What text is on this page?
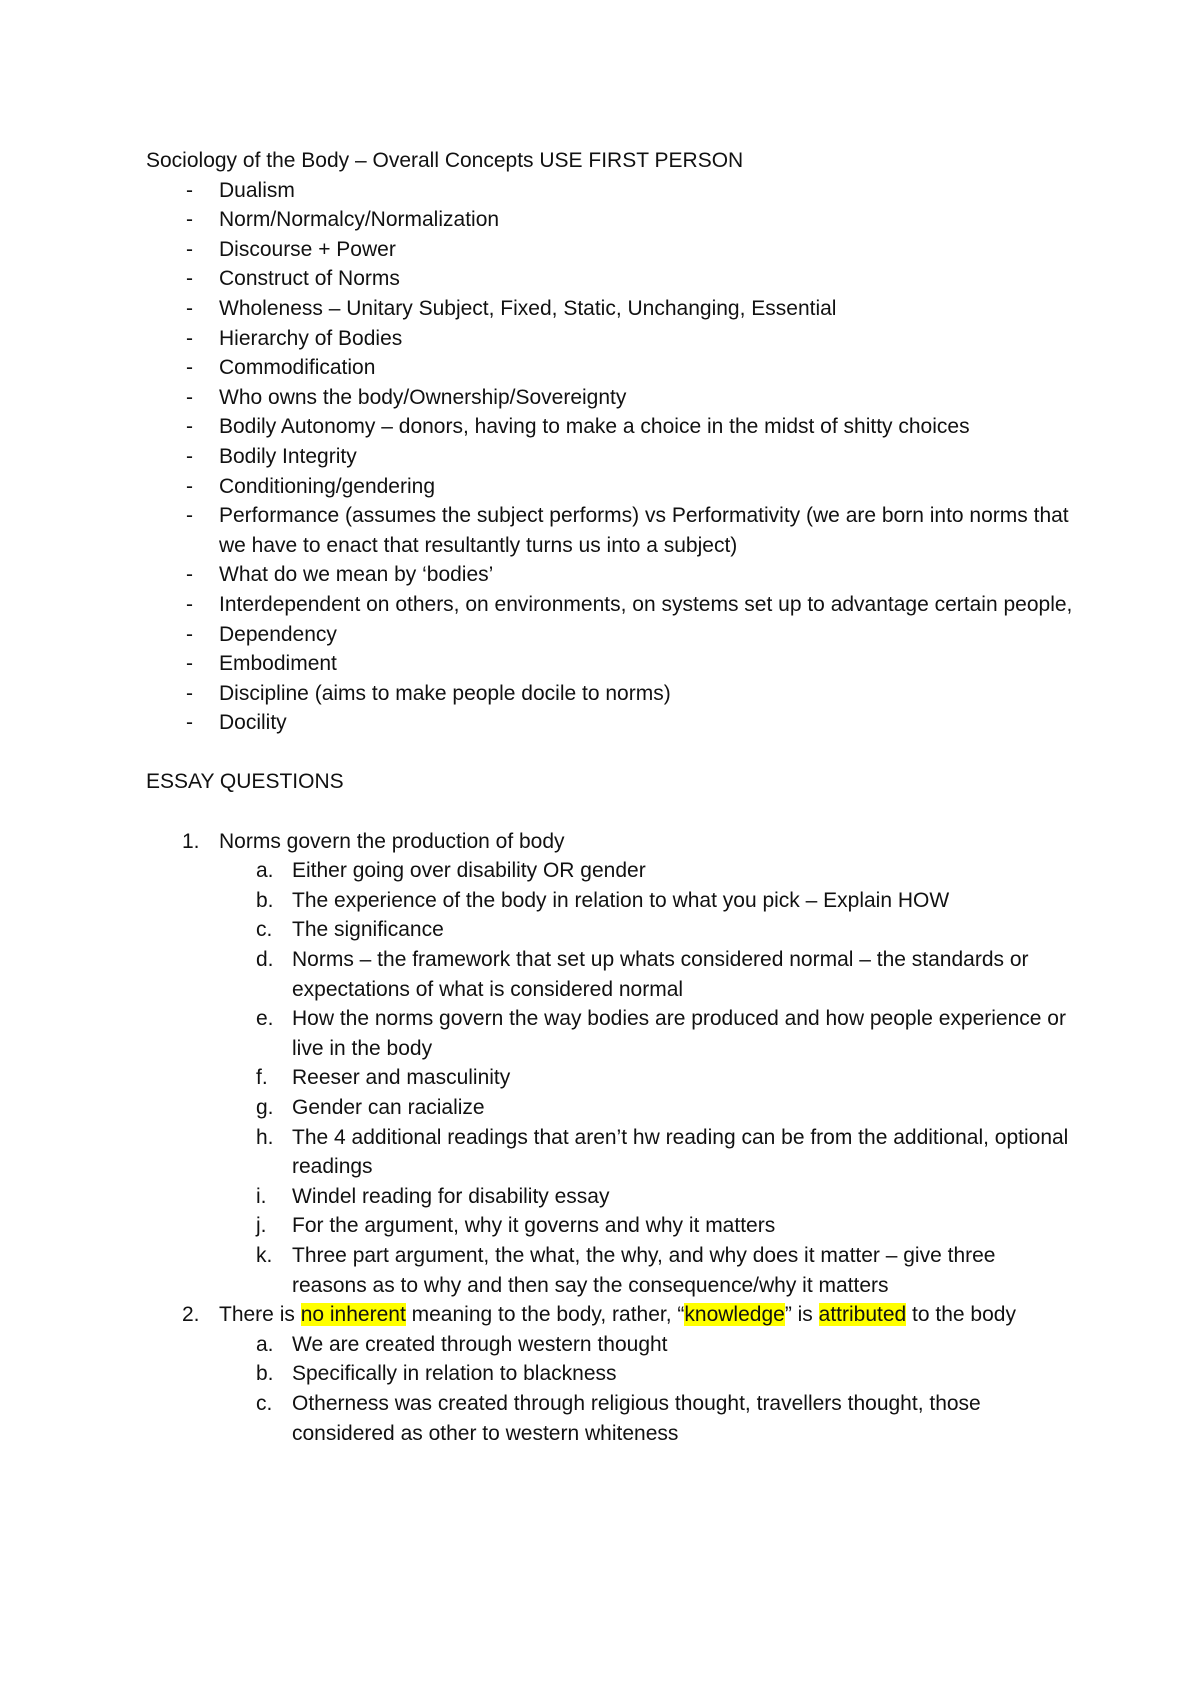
Sociology of the Body – Overall Concepts USE FIRST PERSON

- Dualism
- Norm/Normalcy/Normalization
- Discourse + Power
- Construct of Norms
- Wholeness – Unitary Subject, Fixed, Static, Unchanging, Essential
- Hierarchy of Bodies
- Commodification
- Who owns the body/Ownership/Sovereignty
- Bodily Autonomy – donors, having to make a choice in the midst of shitty choices
- Bodily Integrity
- Conditioning/gendering
- Performance (assumes the subject performs) vs Performativity (we are born into norms that we have to enact that resultantly turns us into a subject)
- What do we mean by ‘bodies’
- Interdependent on others, on environments, on systems set up to advantage certain people,
- Dependency
- Embodiment
- Discipline (aims to make people docile to norms)
- Docility

ESSAY QUESTIONS

1. Norms govern the production of body
a. Either going over disability OR gender
b. The experience of the body in relation to what you pick – Explain HOW
c. The significance
d. Norms – the framework that set up whats considered normal – the standards or expectations of what is considered normal
e. How the norms govern the way bodies are produced and how people experience or live in the body
f. Reeser and masculinity
g. Gender can racialize
h. The 4 additional readings that aren’t hw reading can be from the additional, optional readings
i. Windel reading for disability essay
j. For the argument, why it governs and why it matters
k. Three part argument, the what, the why, and why does it matter – give three reasons as to why and then say the consequence/why it matters
2. There is no inherent meaning to the body, rather, “knowledge” is attributed to the body
a. We are created through western thought
b. Specifically in relation to blackness
c. Otherness was created through religious thought, travellers thought, those considered as other to western whiteness
